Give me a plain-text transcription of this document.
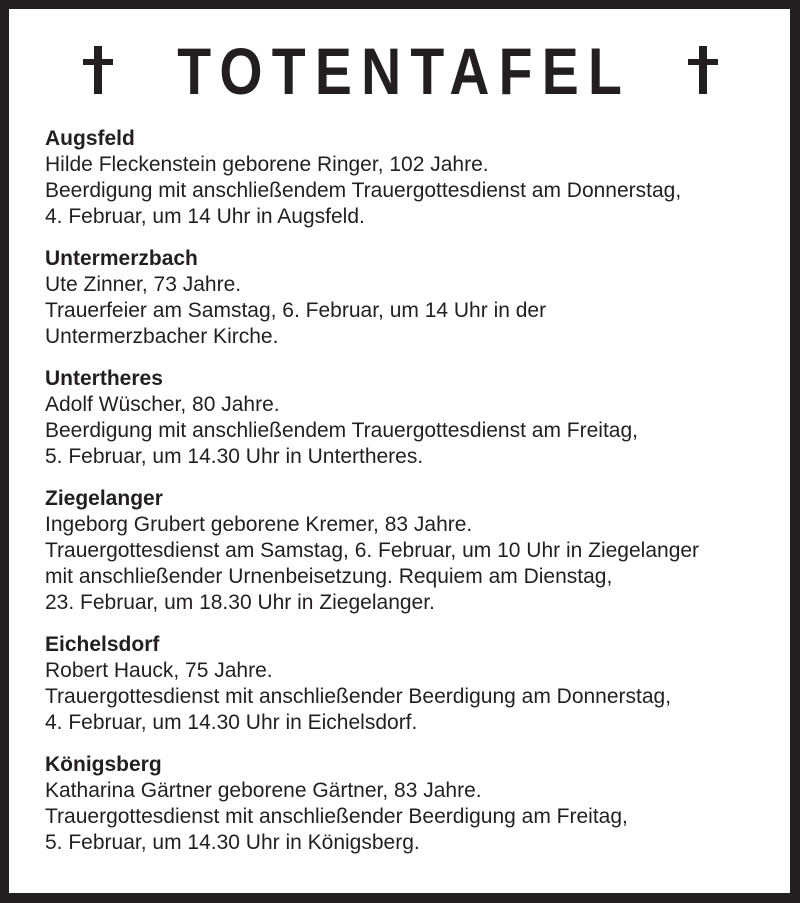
TOTENTAFEL
Augsfeld
Hilde Fleckenstein geborene Ringer, 102 Jahre.
Beerdigung mit anschließendem Trauergottesdienst am Donnerstag,
4. Februar, um 14 Uhr in Augsfeld.
Untermerzbach
Ute Zinner, 73 Jahre.
Trauerfeier am Samstag, 6. Februar, um 14 Uhr in der
Untermerzbacher Kirche.
Untertheres
Adolf Wüscher, 80 Jahre.
Beerdigung mit anschließendem Trauergottesdienst am Freitag,
5. Februar, um 14.30 Uhr in Untertheres.
Ziegelanger
Ingeborg Grubert geborene Kremer, 83 Jahre.
Trauergottesdienst am Samstag, 6. Februar, um 10 Uhr in Ziegelanger
mit anschließender Urnenbeisetzung. Requiem am Dienstag,
23. Februar, um 18.30 Uhr in Ziegelanger.
Eichelsdorf
Robert Hauck, 75 Jahre.
Trauergottesdienst mit anschließender Beerdigung am Donnerstag,
4. Februar, um 14.30 Uhr in Eichelsdorf.
Königsberg
Katharina Gärtner geborene Gärtner, 83 Jahre.
Trauergottesdienst mit anschließender Beerdigung am Freitag,
5. Februar, um 14.30 Uhr in Königsberg.
